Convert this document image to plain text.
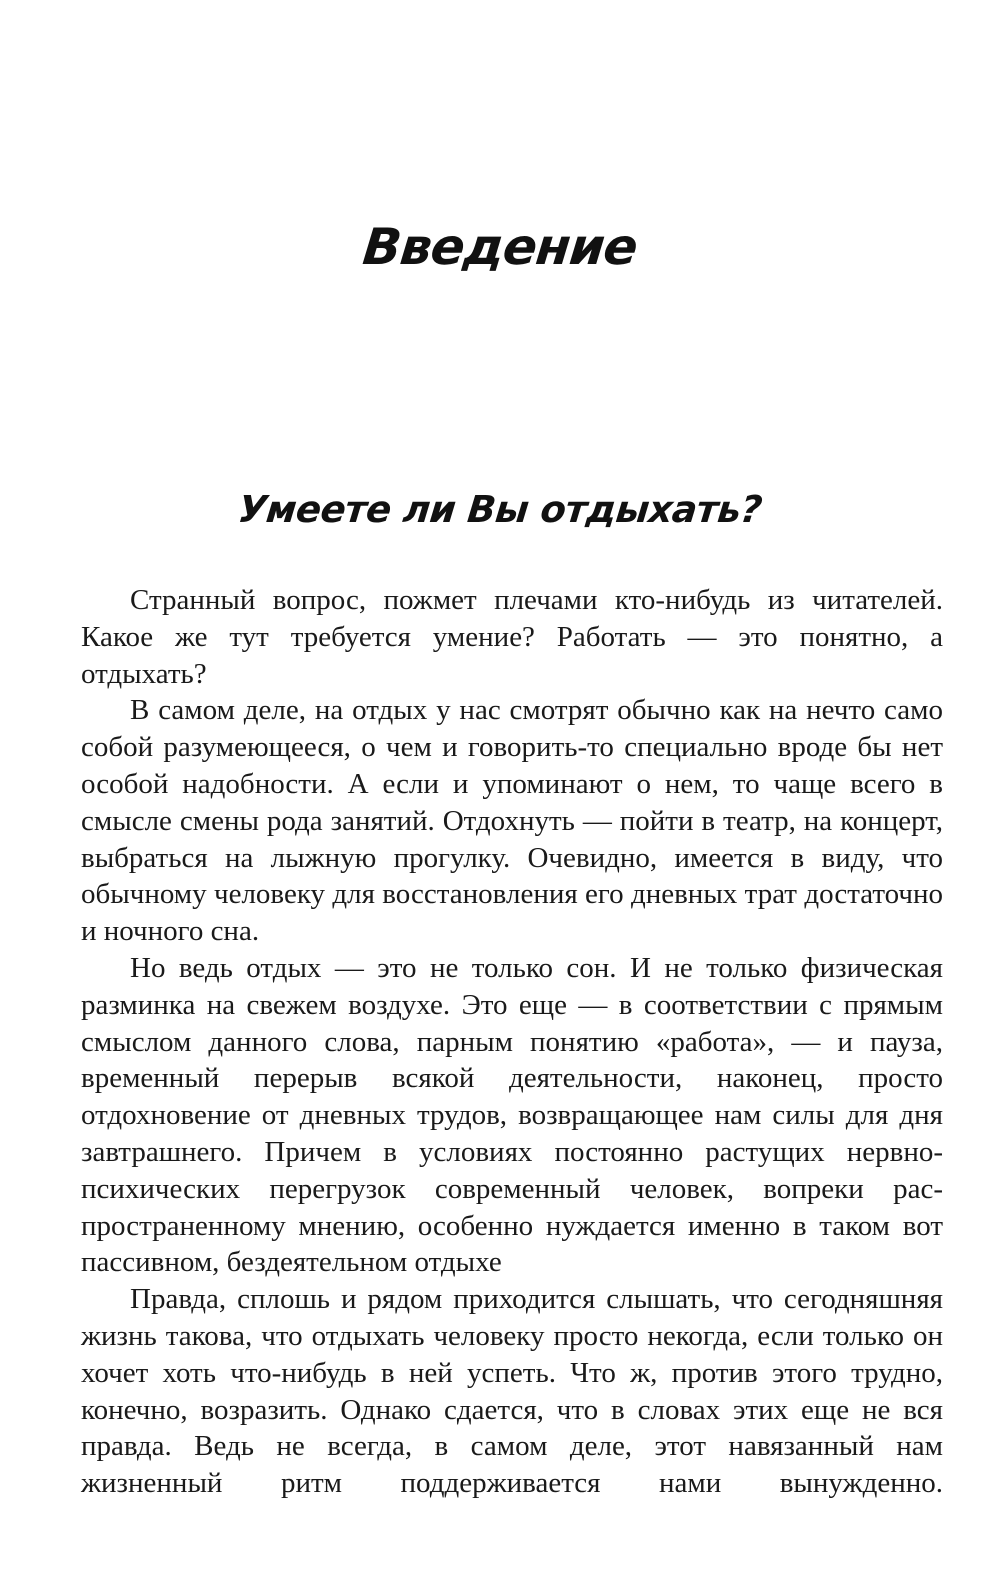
Введение
Умеете ли Вы отдыхать?

Странный вопрос, пожмет плечами кто-нибудь из читателей. Какое же тут требуется умение? Работать — это понятно, а отдыхать?

В самом деле, на отдых у нас смотрят обычно как на нечто само собой разумеющееся, о чем и говорить-то специально вроде бы нет особой надобности. А если и упоминают о нем, то чаще всего в смысле смены рода занятий. Отдохнуть — пойти в театр, на концерт, выбраться на лыжную прогулку. Очевидно, имеется в виду, что обычному человеку для восстановления его дневных трат достаточно и ночного сна.

Но ведь отдых — это не только сон. И не только физическая разминка на свежем воздухе. Это еще — в соответствии с прямым смыслом данного слова, парным понятию «работа», — и пауза, временный перерыв всякой деятельности, наконец, просто отдохновение от дневных трудов, возвращающее нам силы для дня завтрашнего. Причем в условиях постоянно растущих нервно-психических перегрузок современный человек, вопреки распространенному мнению, особенно нуждается именно в таком вот пассивном, бездеятельном отдыхе

Правда, сплошь и рядом приходится слышать, что сегодняшняя жизнь такова, что отдыхать человеку просто некогда, если только он хочет хоть что-нибудь в ней успеть. Что ж, против этого трудно, конечно, возразить. Однако сдается, что в словах этих еще не вся правда. Ведь не всегда, в самом деле, этот навязанный нам жизненный ритм поддерживается нами вынужденно.
